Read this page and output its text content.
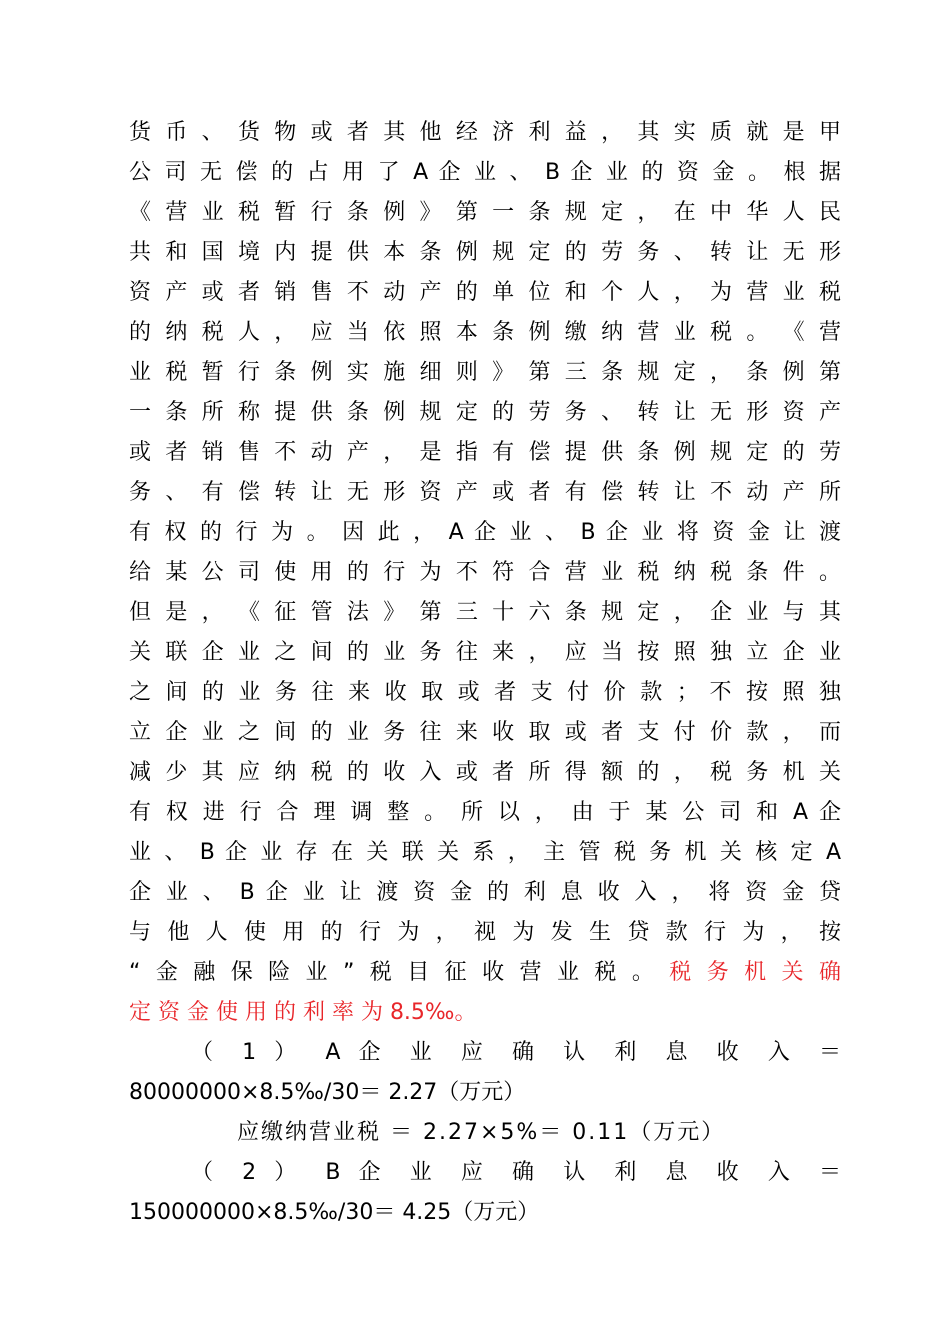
货 币 、 货 物 或 者 其 他 经 济 利 益 ， 其 实 质 就 是 甲
公 司 无 偿 的 占 用 了 A 企 业 、 B 企 业 的 资 金 。 根 据
《 营 业 税 暂 行 条 例 》 第 一 条 规 定 ， 在 中 华 人 民
共 和 国 境 内 提 供 本 条 例 规 定 的 劳 务 、 转 让 无 形
资 产 或 者 销 售 不 动 产 的 单 位 和 个 人 ， 为 营 业 税
的 纳 税 人 ， 应 当 依 照 本 条 例 缴 纳 营 业 税 。 《 营
业 税 暂 行 条 例 实 施 细 则 》 第 三 条 规 定 ， 条 例 第
一 条 所 称 提 供 条 例 规 定 的 劳 务 、 转 让 无 形 资 产
或 者 销 售 不 动 产 ， 是 指 有 偿 提 供 条 例 规 定 的 劳
务 、 有 偿 转 让 无 形 资 产 或 者 有 偿 转 让 不 动 产 所
有 权 的 行 为 。 因 此 ， A 企 业 、 B 企 业 将 资 金 让 渡
给 某 公 司 使 用 的 行 为 不 符 合 营 业 税 纳 税 条 件 。
但 是 ， 《 征 管 法 》 第 三 十 六 条 规 定 ， 企 业 与 其
关 联 企 业 之 间 的 业 务 往 来 ， 应 当 按 照 独 立 企 业
之 间 的 业 务 往 来 收 取 或 者 支 付 价 款 ； 不 按 照 独
立 企 业 之 间 的 业 务 往 来 收 取 或 者 支 付 价 款 ， 而
减 少 其 应 纳 税 的 收 入 或 者 所 得 额 的 ， 税 务 机 关
有 权 进 行 合 理 调 整 。 所 以 ， 由 于 某 公 司 和 A 企
业 、 B 企 业 存 在 关 联 关 系 ， 主 管 税 务 机 关 核 定 A
企 业 、 B 企 业 让 渡 资 金 的 利 息 收 入 ， 将 资 金 贷
与 他 人 使 用 的 行 为 ， 视 为 发 生 贷 款 行 为 ， 按
“金融保险业”税目征收营业税。税务机关确
定 资 金 使 用 的 利 率 为 8.5‰。
（ 1 ） A 企 业 应 确 认 利 息 收 入 ＝
80000000×8.5‰/30＝ 2.27（万元）
应缴纳营业税 ＝ 2.27×5%＝ 0.11（万元）
（ 2 ） B 企 业 应 确 认 利 息 收 入 ＝
150000000×8.5‰/30＝ 4.25（万元）
